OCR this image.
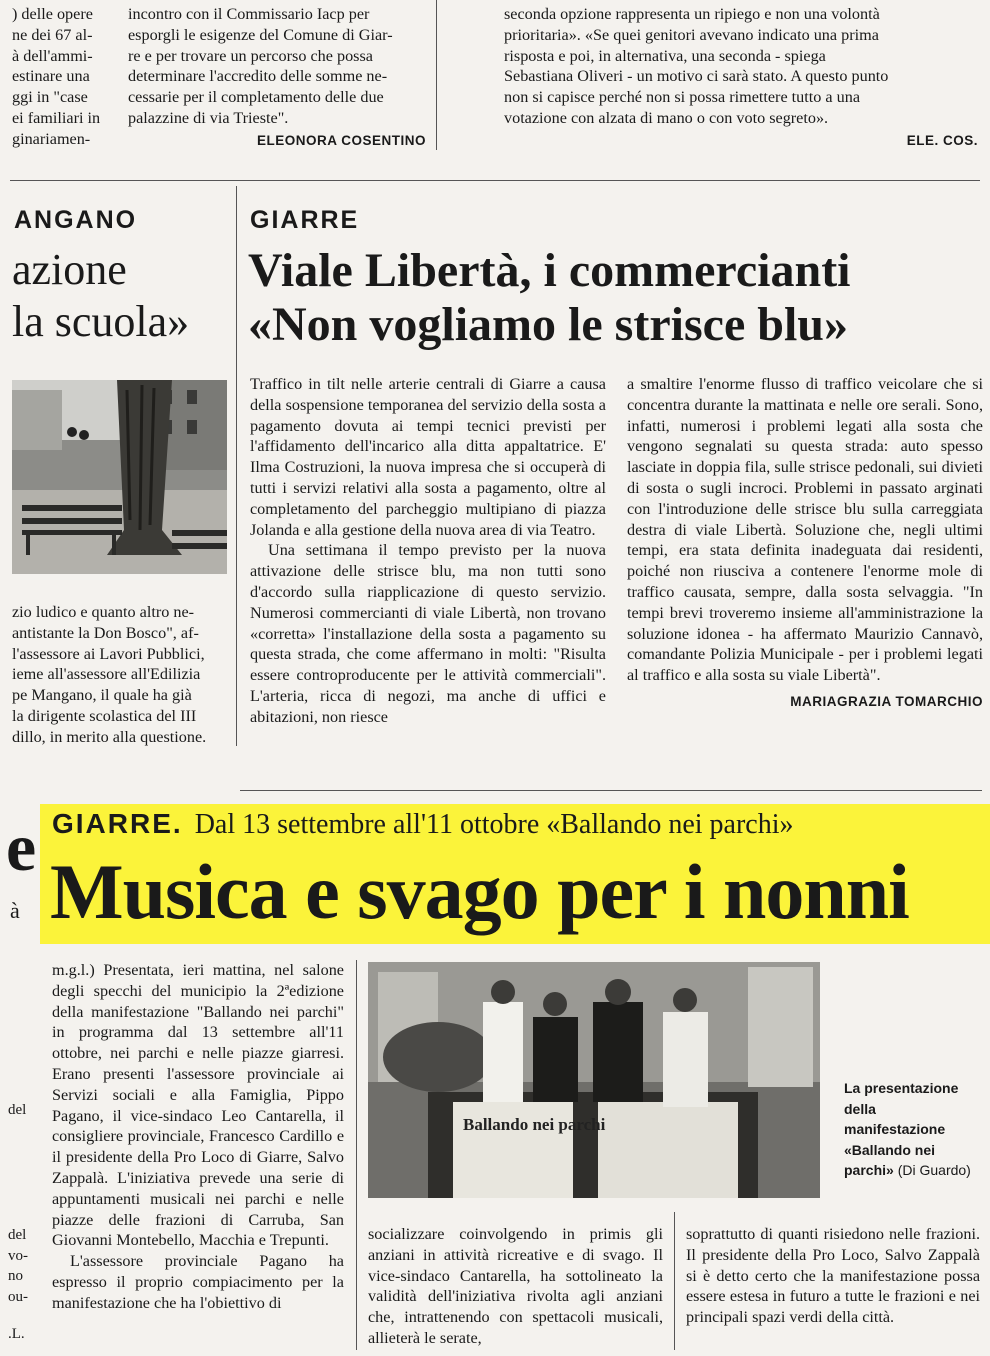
) delle opere
ne dei 67 al-
à dell'ammi-
estinare una
ggi in "case
ei familiari in
ginariamen-
incontro con il Commissario Iacp per
esporgli le esigenze del Comune di Giar-
re e per trovare un percorso che possa
determinare l'accredito delle somme ne-
cessarie per il completamento delle due
palazzine di via Trieste".
ELEONORA COSENTINO
seconda opzione rappresenta un ripiego e non una volontà
prioritaria». «Se quei genitori avevano indicato una prima
risposta e poi, in alternativa, una seconda - spiega
Sebastiana Oliveri - un motivo ci sarà stato. A questo punto
non si capisce perché non si possa rimettere tutto a una
votazione con alzata di mano o con voto segreto».
ELE. COS.
ANGANO
azione
la scuola»
zio ludico e quanto altro ne-
antistante la Don Bosco", af-
l'assessore ai Lavori Pubblici,
ieme all'assessore all'Edilizia
pe Mangano, il quale ha già
la dirigente scolastica del III
dillo, in merito alla questione.
GIARRE
Viale Libertà, i commercianti
«Non vogliamo le strisce blu»

Traffico in tilt nelle arterie centrali di Giarre a causa della sospensione temporanea del servizio della sosta a pagamento dovuta ai tempi tecnici previsti per l'affidamento dell'incarico alla ditta appaltatrice. E' Ilma Costruzioni, la nuova impresa che si occuperà di tutti i servizi relativi alla sosta a pagamento, oltre al completamento del parcheggio multipiano di piazza Jolanda e alla gestione della nuova area di via Teatro.

Una settimana il tempo previsto per la nuova attivazione delle strisce blu, ma non tutti sono d'accordo sulla riapplicazione di questo servizio. Numerosi commercianti di viale Libertà, non trovano «corretta» l'installazione della sosta a pagamento su questa strada, che come affermano in molti: "Risulta essere controproducente per le attività commerciali". L'arteria, ricca di negozi, ma anche di uffici e abitazioni, non riesce

a smaltire l'enorme flusso di traffico veicolare che si concentra durante la mattinata e nelle ore serali. Sono, infatti, numerosi i problemi legati alla sosta che vengono segnalati su questa strada: auto spesso lasciate in doppia fila, sulle strisce pedonali, sui divieti di sosta o sugli incroci. Problemi in passato arginati con l'introduzione delle strisce blu sulla carreggiata destra di viale Libertà. Soluzione che, negli ultimi tempi, era stata definita inadeguata dai residenti, poiché non riusciva a contenere l'enorme mole di traffico causata, sempre, dalla sosta selvaggia. "In tempi brevi troveremo insieme all'amministrazione la soluzione idonea - ha affermato Maurizio Cannavò, comandante Polizia Municipale - per i problemi legati al traffico e alla sosta su viale Libertà".

MARIAGRAZIA TOMARCHIO
GIARRE. Dal 13 settembre all'11 ottobre «Ballando nei parchi»
Musica e svago per i nonni

m.g.l.) Presentata, ieri mattina, nel salone degli specchi del municipio la 2ªedizione della manifestazione "Ballando nei parchi" in programma dal 13 settembre all'11 ottobre, nei parchi e nelle piazze giarresi. Erano presenti l'assessore provinciale ai Servizi sociali e alla Famiglia, Pippo Pagano, il vice-sindaco Leo Cantarella, il consigliere provinciale, Francesco Cardillo e il presidente della Pro Loco di Giarre, Salvo Zappalà. L'iniziativa prevede una serie di appuntamenti musicali nei parchi e nelle piazze delle frazioni di Carruba, San Giovanni Montebello, Macchia e Trepunti.

L'assessore provinciale Pagano ha espresso il proprio compiacimento per la manifestazione che ha l'obiettivo di

Ballando nei parchi
La presentazione della manifestazione «Ballando nei parchi» (Di Guardo)

socializzare coinvolgendo in primis gli anziani in attività ricreative e di svago. Il vice-sindaco Cantarella, ha sottolineato la validità dell'iniziativa rivolta agli anziani che, intrattenendo con spettacoli musicali, allieterà le serate,

soprattutto di quanti risiedono nelle frazioni. Il presidente della Pro Loco, Salvo Zappalà si è detto certo che la manifestazione possa essere estesa in futuro a tutte le frazioni e nei principali spazi verdi della città.

e
à
del
del
vo-
no
ou-
.L.
